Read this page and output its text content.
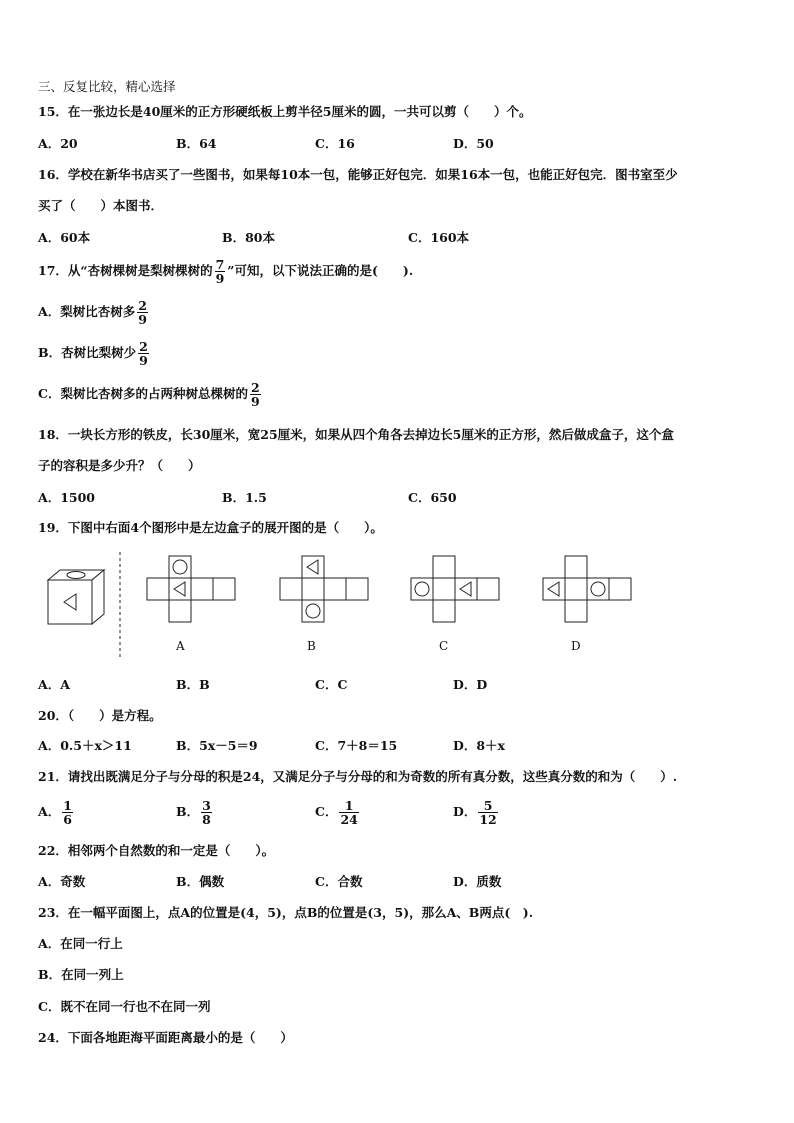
三、反复比较，精心选择
15．在一张边长是40厘米的正方形硬纸板上剪半径5厘米的圆，一共可以剪（　　）个。
A．20	B．64	C．16	D．50
16．学校在新华书店买了一些图书，如果每10本一包，能够正好包完．如果16本一包，也能正好包完．图书室至少
买了（　　）本图书．
A．60本	B．80本	C．160本
17．从“杏树棵树是梨树棵树的 $\frac{7}{9}$ ”可知，以下说法正确的是(　　).
A．梨树比杏树多 $\frac{2}{9}$
B．杏树比梨树少 $\frac{2}{9}$
C．梨树比杏树多的占两种树总棵树的 $\frac{2}{9}$
18．一块长方形的铁皮，长30厘米，宽25厘米，如果从四个角各去掉边长5厘米的正方形，然后做成盒子，这个盒
子的容积是多少升？（　　）
A．1500	B．1.5	C．650
19．下图中右面4个图形中是左边盒子的展开图的是（　　）。
A	B	C	D
A．A	B．B	C．C	D．D
20．（　　）是方程。
A．0.5＋x＞11	B．5x－5＝9	C．7＋8＝15	D．8＋x
21．请找出既满足分子与分母的积是24，又满足分子与分母的和为奇数的所有真分数，这些真分数的和为（　　）.
A． $\frac{1}{6}$	B． $\frac{3}{8}$	C． $\frac{1}{24}$	D． $\frac{5}{12}$
22．相邻两个自然数的和一定是（　　）。
A．奇数	B．偶数	C．合数	D．质数
23．在一幅平面图上，点A的位置是(4，5)，点B的位置是(3，5)，那么A、B两点(　).
A．在同一行上
B．在同一列上
C．既不在同一行也不在同一列
24．下面各地距海平面距离最小的是（　　）
